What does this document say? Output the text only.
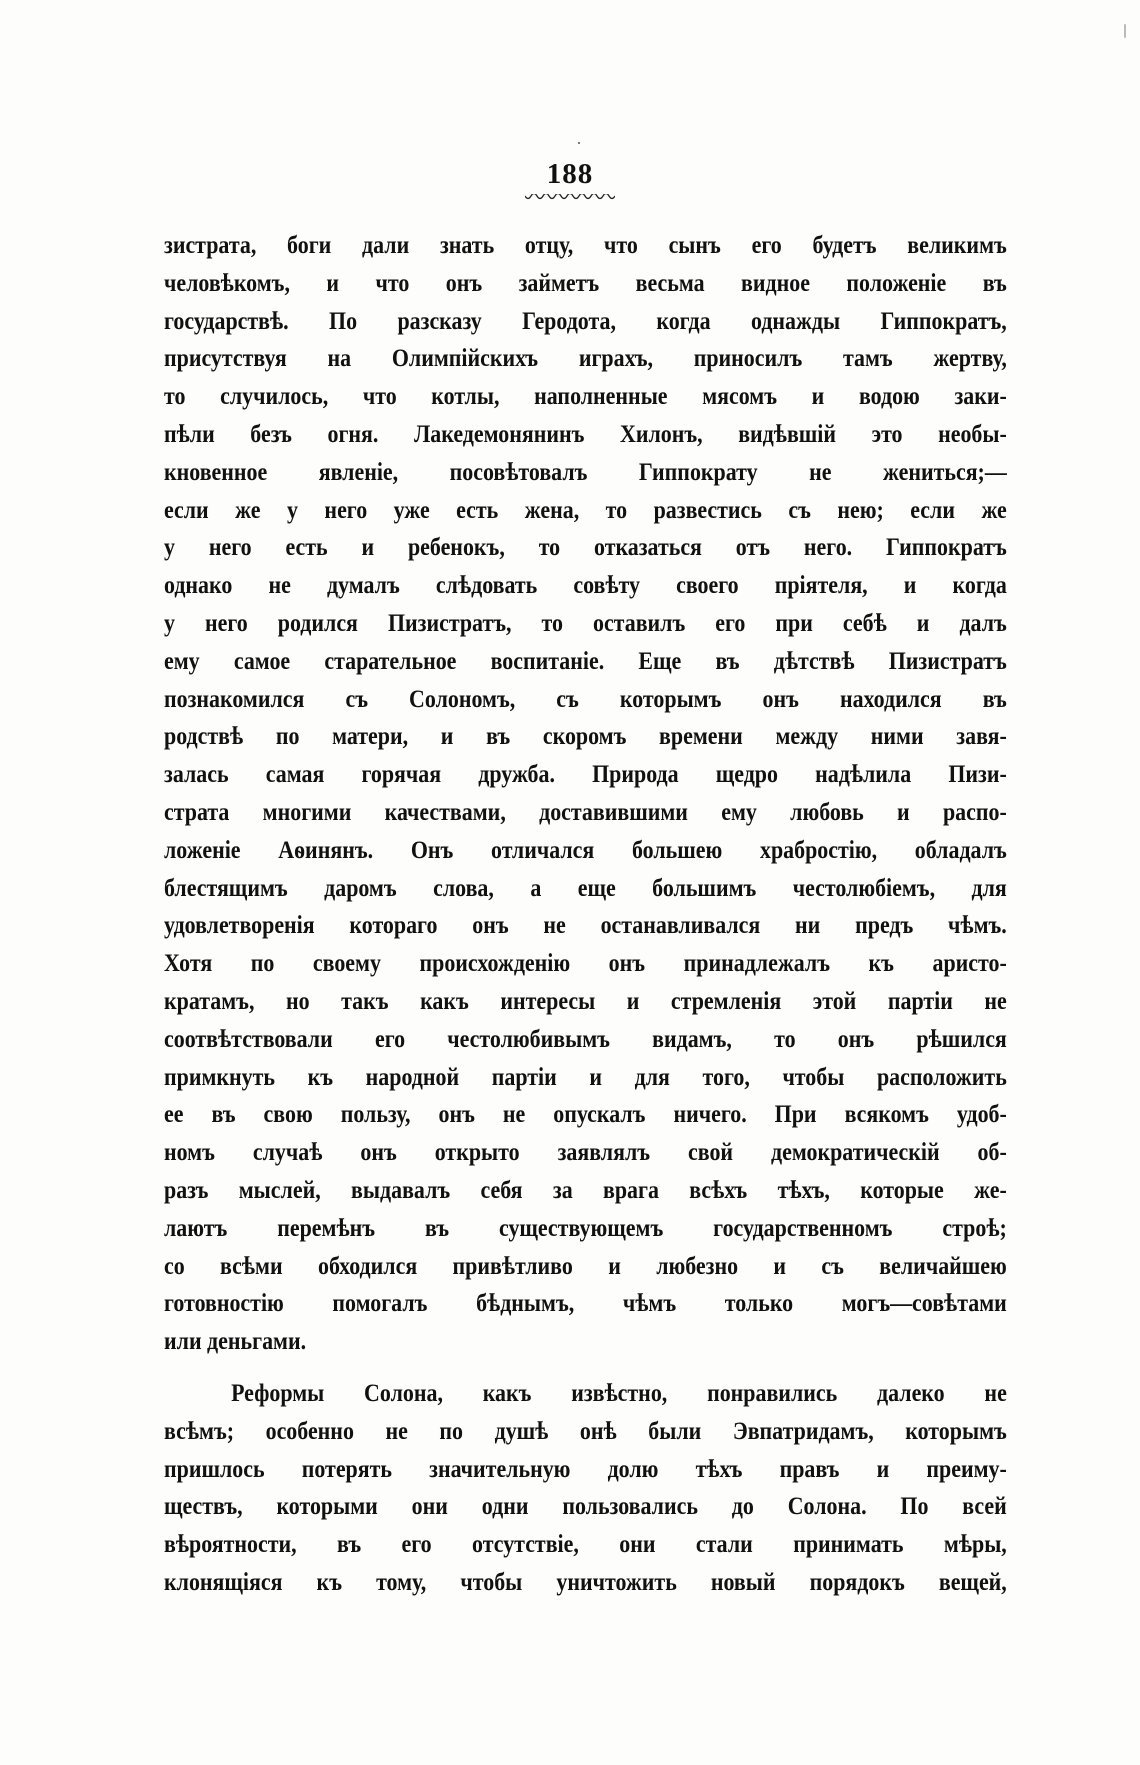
188
зистрата, боги дали знать отцу, что сынъ его будетъ великимъ
человѣкомъ, и что онъ займетъ весьма видное положеніе въ
государствѣ. По разсказу Геродота, когда однажды Гиппократъ,
присутствуя на Олимпійскихъ играхъ, приносилъ тамъ жертву,
то случилось, что котлы, наполненные мясомъ и водою заки-
пѣли безъ огня. Лакедемонянинъ Хилонъ, видѣвшій это необы-
кновенное явленіе, посовѣтовалъ Гиппократу не жениться;—
если же у него уже есть жена, то развестись съ нею; если же
у него есть и ребенокъ, то отказаться отъ него. Гиппократъ
однако не думалъ слѣдовать совѣту своего пріятеля, и когда
у него родился Пизистратъ, то оставилъ его при себѣ и далъ
ему самое старательное воспитаніе. Еще въ дѣтствѣ Пизистратъ
познакомился съ Солономъ, съ которымъ онъ находился въ
родствѣ по матери, и въ скоромъ времени между ними завя-
залась самая горячая дружба. Природа щедро надѣлила Пизи-
страта многими качествами, доставившими ему любовь и распо-
ложеніе Аѳинянъ. Онъ отличался большею храбростію, обладалъ
блестящимъ даромъ слова, а еще большимъ честолюбіемъ, для
удовлетворенія котораго онъ не останавливался ни предъ чѣмъ.
Хотя по своему происхожденію онъ принадлежалъ къ аристо-
кратамъ, но такъ какъ интересы и стремленія этой партіи не
соотвѣтствовали его честолюбивымъ видамъ, то онъ рѣшился
примкнуть къ народной партіи и для того, чтобы расположить
ее въ свою пользу, онъ не опускалъ ничего. При всякомъ удоб-
номъ случаѣ онъ открыто заявлялъ свой демократическій об-
разъ мыслей, выдавалъ себя за врага всѣхъ тѣхъ, которые же-
лаютъ перемѣнъ въ существующемъ государственномъ строѣ;
со всѣми обходился привѣтливо и любезно и съ величайшею
готовностію помогалъ бѣднымъ, чѣмъ только могъ—совѣтами
или деньгами.
Реформы Солона, какъ извѣстно, понравились далеко не
всѣмъ; особенно не по душѣ онѣ были Эвпатридамъ, которымъ
пришлось потерять значительную долю тѣхъ правъ и преиму-
ществъ, которыми они одни пользовались до Солона. По всей
вѣроятности, въ его отсутствіе, они стали принимать мѣры,
клонящіяся къ тому, чтобы уничтожить новый порядокъ вещей,
